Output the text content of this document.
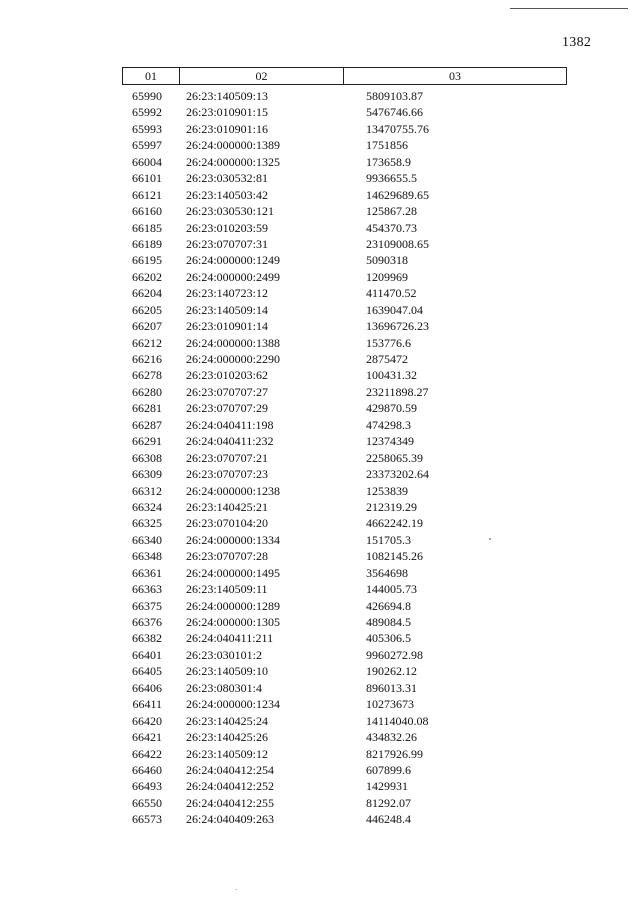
1382
01	02	03
65990	26:23:140509:13	5809103.87
65992	26:23:010901:15	5476746.66
65993	26:23:010901:16	13470755.76
65997	26:24:000000:1389	1751856
66004	26:24:000000:1325	173658.9
66101	26:23:030532:81	9936655.5
66121	26:23:140503:42	14629689.65
66160	26:23:030530:121	125867.28
66185	26:23:010203:59	454370.73
66189	26:23:070707:31	23109008.65
66195	26:24:000000:1249	5090318
66202	26:24:000000:2499	1209969
66204	26:23:140723:12	411470.52
66205	26:23:140509:14	1639047.04
66207	26:23:010901:14	13696726.23
66212	26:24:000000:1388	153776.6
66216	26:24:000000:2290	2875472
66278	26:23:010203:62	100431.32
66280	26:23:070707:27	23211898.27
66281	26:23:070707:29	429870.59
66287	26:24:040411:198	474298.3
66291	26:24:040411:232	12374349
66308	26:23:070707:21	2258065.39
66309	26:23:070707:23	23373202.64
66312	26:24:000000:1238	1253839
66324	26:23:140425:21	212319.29
66325	26:23:070104:20	4662242.19
66340	26:24:000000:1334	151705.3
66348	26:23:070707:28	1082145.26
66361	26:24:000000:1495	3564698
66363	26:23:140509:11	144005.73
66375	26:24:000000:1289	426694.8
66376	26:24:000000:1305	489084.5
66382	26:24:040411:211	405306.5
66401	26:23:030101:2	9960272.98
66405	26:23:140509:10	190262.12
66406	26:23:080301:4	896013.31
66411	26:24:000000:1234	10273673
66420	26:23:140425:24	14114040.08
66421	26:23:140425:26	434832.26
66422	26:23:140509:12	8217926.99
66460	26:24:040412:254	607899.6
66493	26:24:040412:252	1429931
66550	26:24:040412:255	81292.07
66573	26:24:040409:263	446248.4
